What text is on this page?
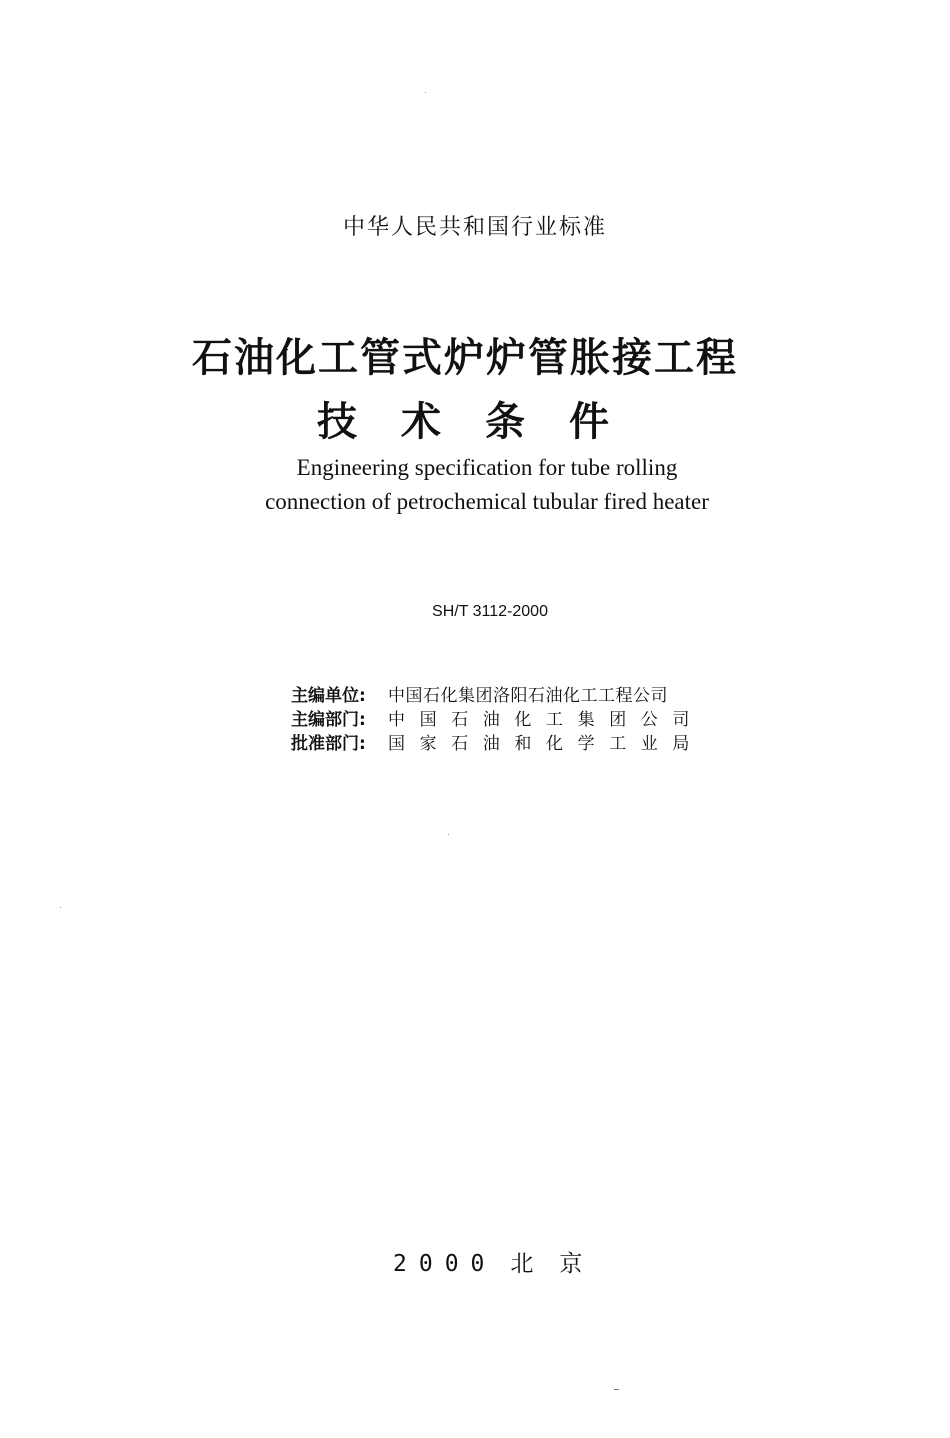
中华人民共和国行业标准
石油化工管式炉炉管胀接工程
技术条件
Engineering specification for tube rolling
connection of petrochemical tubular fired heater
SH/T 3112-2000
主编单位: 中国石化集团洛阳石油化工工程公司
主编部门: 中国石油化工集团公司
批准部门: 国家石油和化学工业局
2000 北京
